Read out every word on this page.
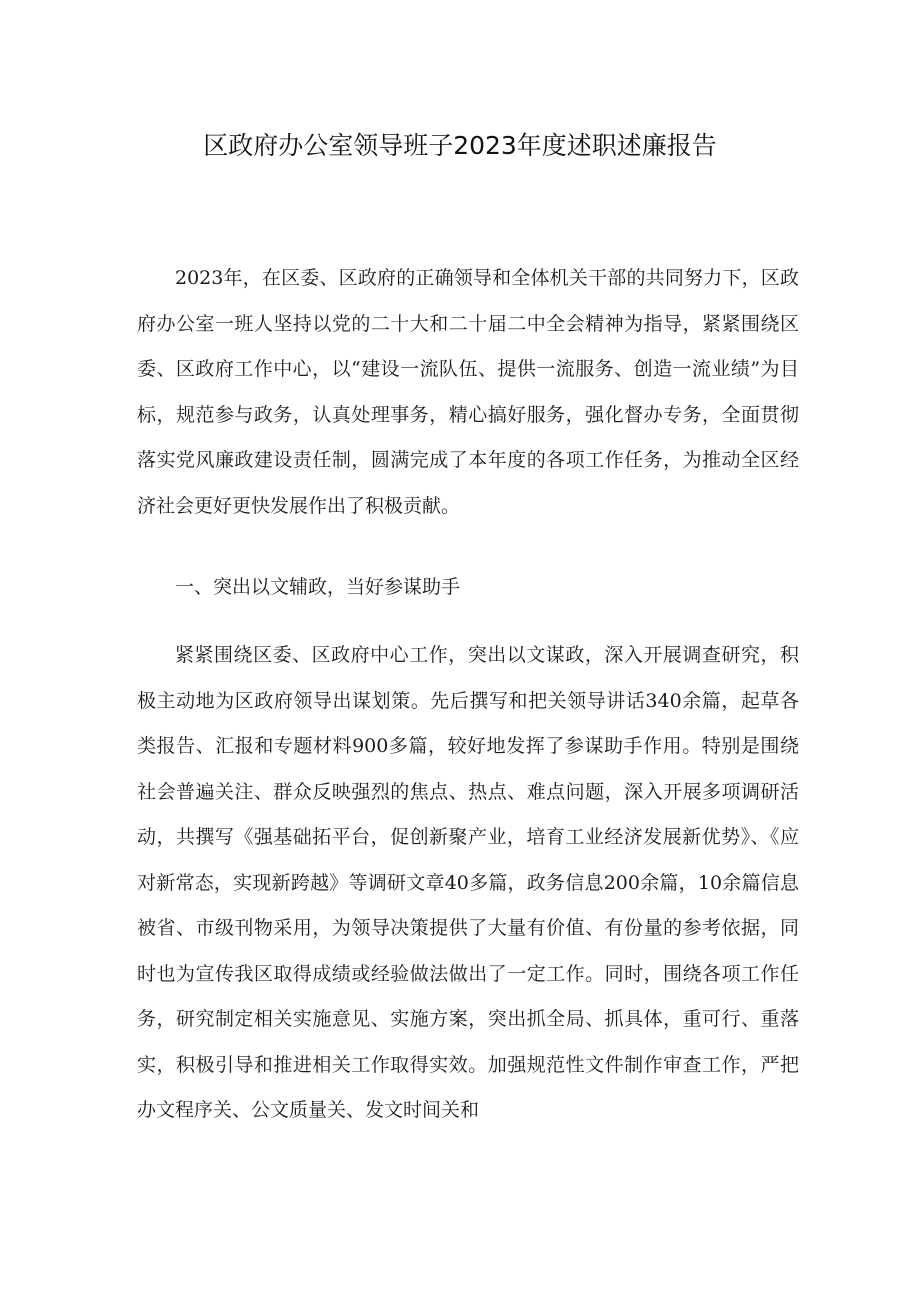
区政府办公室领导班子2023年度述职述廉报告

2023年，在区委、区政府的正确领导和全体机关干部的共同努力下，区政府办公室一班人坚持以党的二十大和二十届二中全会精神为指导，紧紧围绕区委、区政府工作中心，以“建设一流队伍、提供一流服务、创造一流业绩”为目标，规范参与政务，认真处理事务，精心搞好服务，强化督办专务，全面贯彻落实党风廉政建设责任制，圆满完成了本年度的各项工作任务，为推动全区经济社会更好更快发展作出了积极贡献。

一、突出以文辅政，当好参谋助手

紧紧围绕区委、区政府中心工作，突出以文谋政，深入开展调查研究，积极主动地为区政府领导出谋划策。先后撰写和把关领导讲话340余篇，起草各类报告、汇报和专题材料900多篇，较好地发挥了参谋助手作用。特别是围绕社会普遍关注、群众反映强烈的焦点、热点、难点问题，深入开展多项调研活动，共撰写《强基础拓平台，促创新聚产业，培育工业经济发展新优势》、《应对新常态，实现新跨越》等调研文章40多篇，政务信息200余篇，10余篇信息被省、市级刊物采用，为领导决策提供了大量有价值、有份量的参考依据，同时也为宣传我区取得成绩或经验做法做出了一定工作。同时，围绕各项工作任务，研究制定相关实施意见、实施方案，突出抓全局、抓具体，重可行、重落实，积极引导和推进相关工作取得实效。加强规范性文件制作审查工作，严把办文程序关、公文质量关、发文时间关和
